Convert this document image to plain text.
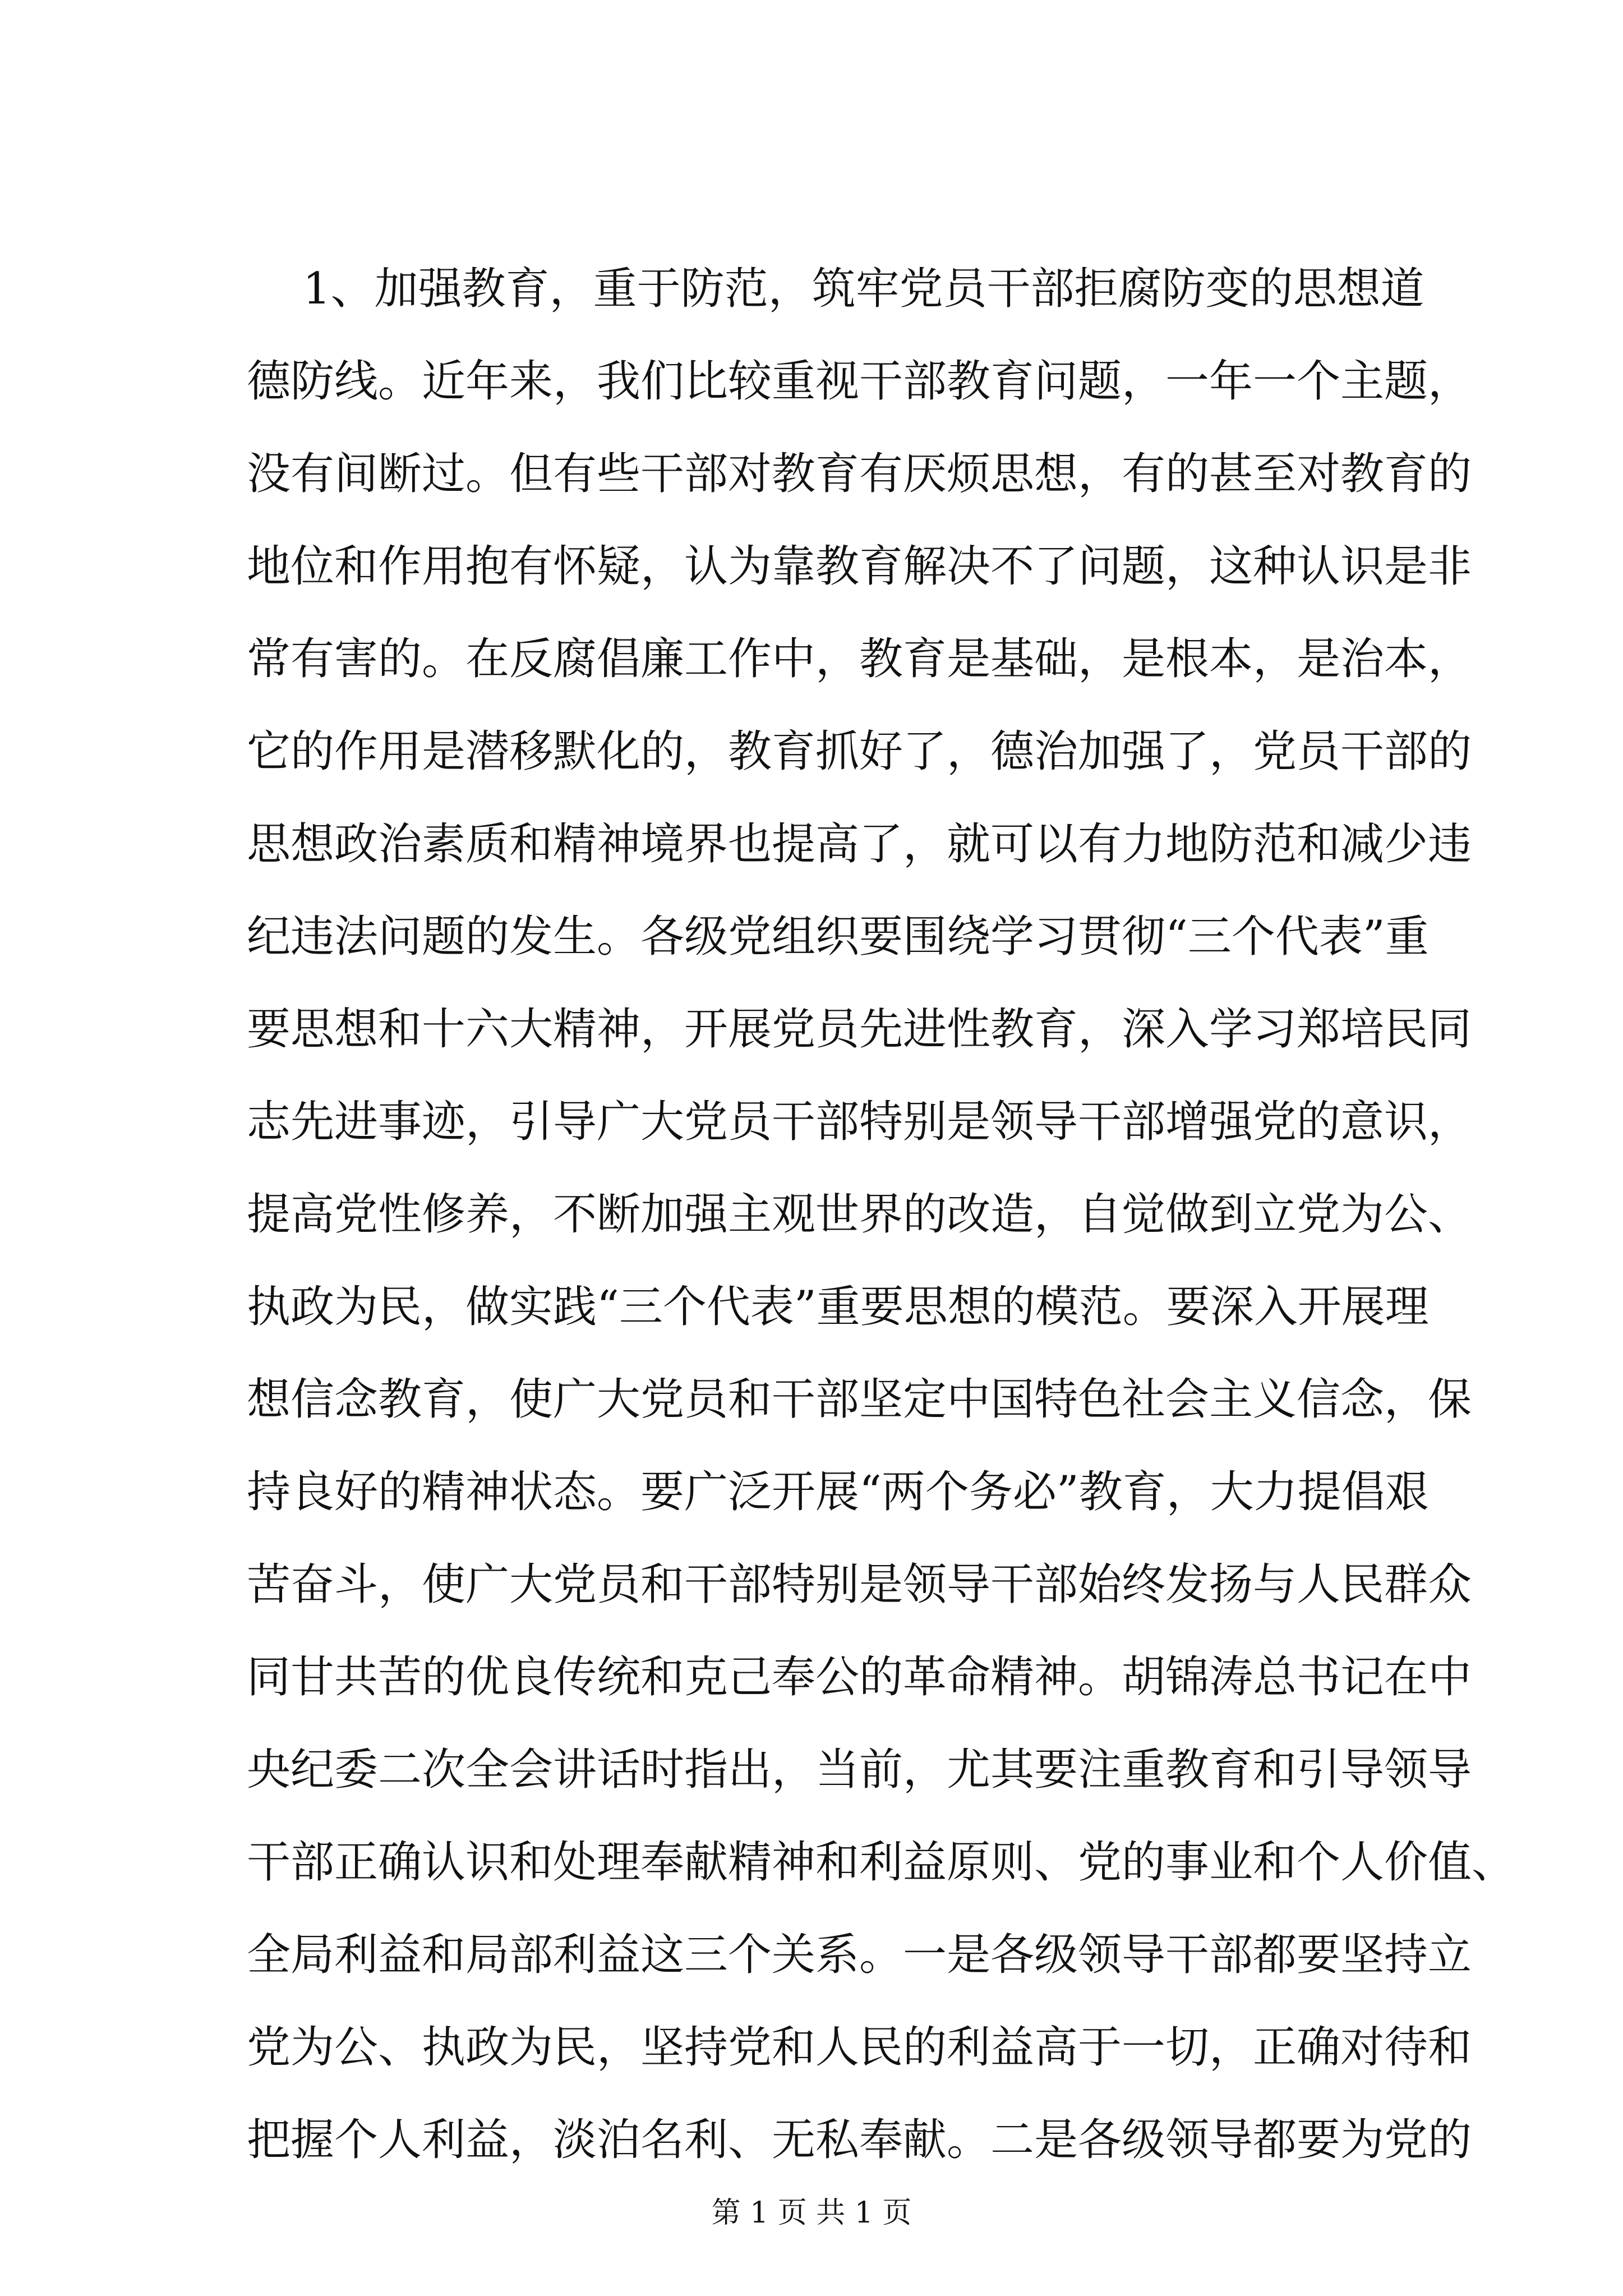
1、加强教育，重于防范，筑牢党员干部拒腐防变的思想道
德防线。近年来，我们比较重视干部教育问题，一年一个主题，
没有间断过。但有些干部对教育有厌烦思想，有的甚至对教育的
地位和作用抱有怀疑，认为靠教育解决不了问题，这种认识是非
常有害的。在反腐倡廉工作中，教育是基础，是根本，是治本，
它的作用是潜移默化的，教育抓好了，德治加强了，党员干部的
思想政治素质和精神境界也提高了，就可以有力地防范和减少违
纪违法问题的发生。各级党组织要围绕学习贯彻“三个代表”重
要思想和十六大精神，开展党员先进性教育，深入学习郑培民同
志先进事迹，引导广大党员干部特别是领导干部增强党的意识，
提高党性修养，不断加强主观世界的改造，自觉做到立党为公、
执政为民，做实践“三个代表”重要思想的模范。要深入开展理
想信念教育，使广大党员和干部坚定中国特色社会主义信念，保
持良好的精神状态。要广泛开展“两个务必”教育，大力提倡艰
苦奋斗，使广大党员和干部特别是领导干部始终发扬与人民群众
同甘共苦的优良传统和克己奉公的革命精神。胡锦涛总书记在中
央纪委二次全会讲话时指出，当前，尤其要注重教育和引导领导
干部正确认识和处理奉献精神和利益原则、党的事业和个人价值、
全局利益和局部利益这三个关系。一是各级领导干部都要坚持立
党为公、执政为民，坚持党和人民的利益高于一切，正确对待和
把握个人利益，淡泊名利、无私奉献。二是各级领导都要为党的
第 1 页 共 1 页
